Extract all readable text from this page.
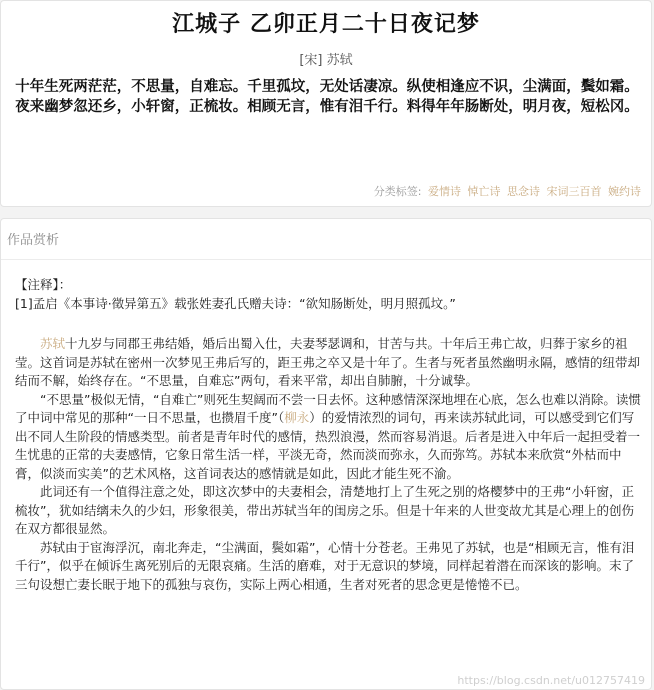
江城子 乙卯正月二十日夜记梦
[宋] 苏轼
十年生死两茫茫，不思量，自难忘。千里孤坟，无处话凄凉。纵使相逢应不识，尘满面，鬓如霜。
夜来幽梦忽还乡，小轩窗，正梳妆。相顾无言，惟有泪千行。料得年年肠断处，明月夜，短松冈。
分类标签: 爱情诗 悼亡诗 思念诗 宋词三百首 婉约诗
作品赏析
【注释】：
[1]孟启《本事诗·徵异第五》载张姓妻孔氏赠夫诗：“欲知肠断处，明月照孤坟。”

苏轼十九岁与同郡王弗结婚，婚后出蜀入仕，夫妻琴瑟调和，甘苦与共。十年后王弗亡故，归葬于家乡的祖莹。这首词是苏轼在密州一次梦见王弗后写的，距王弗之卒又是十年了。生者与死者虽然幽明永隔，感情的纽带却结而不解，始终存在。“不思量，自难忘”两句，看来平常，却出自肺腑，十分诚挚。

“不思量”极似无情，“自难亡”则死生契阔而不尝一日去怀。这种感情深深地埋在心底，怎么也难以消除。读惯了中词中常见的那种“一日不思量，也攒眉千度”（柳永）的爱情浓烈的词句，再来读苏轼此词，可以感受到它们写出不同人生阶段的情感类型。前者是青年时代的感情，热烈浪漫，然而容易消退。后者是进入中年后一起担受着一生忧患的正常的夫妻感情，它象日常生活一样，平淡无奇，然而淡而弥永，久而弥笃。苏轼本来欣赏“外枯而中膏，似淡而实美”的艺术风格，这首词表达的感情就是如此，因此才能生死不渝。

此词还有一个值得注意之处，即这次梦中的夫妻相会，清楚地打上了生死之别的烙樱梦中的王弗“小轩窗，正梳妆”，犹如结缡未久的少妇，形象很美，带出苏轼当年的闺房之乐。但是十年来的人世变故尤其是心理上的创伤在双方都很显然。

苏轼由于宦海浮沉，南北奔走，“尘满面，鬓如霜”，心情十分苍老。王弗见了苏轼，也是“相顾无言，惟有泪千行”，似乎在倾诉生离死别后的无限哀痛。生活的磨难，对于无意识的梦境，同样起着潜在而深该的影响。末了三句设想亡妻长眠于地下的孤独与哀伤，实际上两心相通，生者对死者的思念更是惓惓不已。

https://blog.csdn.net/u012757419
